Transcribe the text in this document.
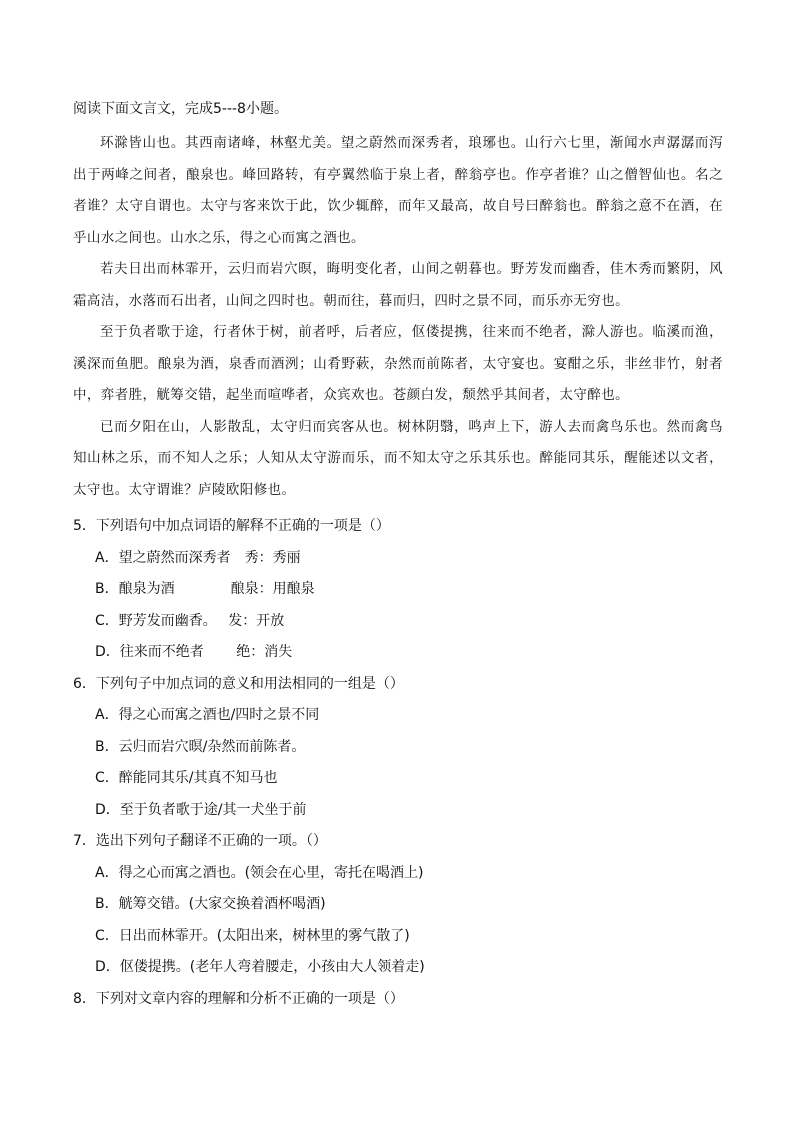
阅读下面文言文，完成5---8小题。

环滁皆山也。其西南诸峰，林壑尤美。望之蔚然而深秀者，琅琊也。山行六七里，渐闻水声潺潺而泻出于两峰之间者，酿泉也。峰回路转，有亭翼然临于泉上者，醉翁亭也。作亭者谁？山之僧智仙也。名之者谁？太守自谓也。太守与客来饮于此，饮少辄醉，而年又最高，故自号曰醉翁也。醉翁之意不在酒，在乎山水之间也。山水之乐，得之心而寓之酒也。

若夫日出而林霏开，云归而岩穴暝，晦明变化者，山间之朝暮也。野芳发而幽香，佳木秀而繁阴，风霜高洁，水落而石出者，山间之四时也。朝而往，暮而归，四时之景不同，而乐亦无穷也。

至于负者歌于途，行者休于树，前者呼，后者应，伛偻提携，往来而不绝者，滁人游也。临溪而渔，溪深而鱼肥。酿泉为酒，泉香而酒洌；山肴野蔌，杂然而前陈者，太守宴也。宴酣之乐，非丝非竹，射者中，弈者胜，觥筹交错，起坐而喧哗者，众宾欢也。苍颜白发，颓然乎其间者，太守醉也。

已而夕阳在山，人影散乱，太守归而宾客从也。树林阴翳，鸣声上下，游人去而禽鸟乐也。然而禽鸟知山林之乐，而不知人之乐；人知从太守游而乐，而不知太守之乐其乐也。醉能同其乐，醒能述以文者，太守也。太守谓谁？庐陵欧阳修也。

5．下列语句中加点词语的解释不正确的一项是（）
A．望之蔚然而深秀者　秀：秀丽
B．酿泉为酒　　　　酿泉：用酿泉
C．野芳发而幽香。　 发：开放
D．往来而不绝者　　 绝：消失
6．下列句子中加点词的意义和用法相同的一组是（）
A．得之心而寓之酒也/四时之景不同
B．云归而岩穴暝/杂然而前陈者。
C．醉能同其乐/其真不知马也
D．至于负者歌于途/其一犬坐于前
7．选出下列句子翻译不正确的一项。（）
A．得之心而寓之酒也。(领会在心里，寄托在喝酒上)
B．觥筹交错。(大家交换着酒杯喝酒)
C．日出而林霏开。(太阳出来，树林里的雾气散了)
D．伛偻提携。(老年人弯着腰走，小孩由大人领着走)
8．下列对文章内容的理解和分析不正确的一项是（）
